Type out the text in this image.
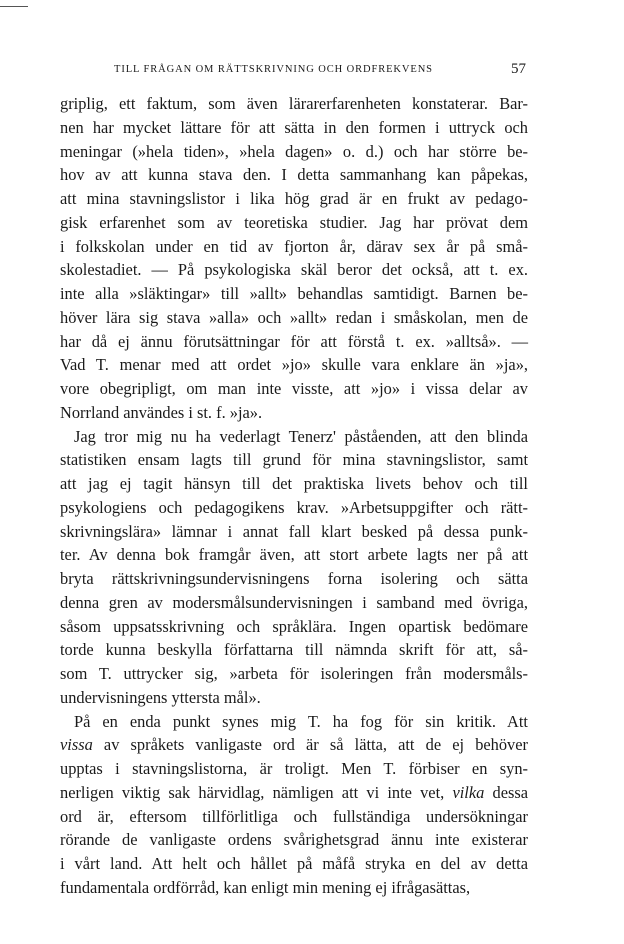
TILL FRÅGAN OM RÄTTSKRIVNING OCH ORDFREKVENS	57
griplig, ett faktum, som även lärarerfarenheten konstaterar. Bar-
nen har mycket lättare för att sätta in den formen i uttryck och
meningar (»hela tiden», »hela dagen» o. d.) och har större be-
hov av att kunna stava den. I detta sammanhang kan påpekas,
att mina stavningslistor i lika hög grad är en frukt av pedago-
gisk erfarenhet som av teoretiska studier. Jag har prövat dem
i folkskolan under en tid av fjorton år, därav sex år på små-
skolestadiet. — På psykologiska skäl beror det också, att t. ex.
inte alla »släktingar» till »allt» behandlas samtidigt. Barnen be-
höver lära sig stava »alla» och »allt» redan i småskolan, men de
har då ej ännu förutsättningar för att förstå t. ex. »alltså». —
Vad T. menar med att ordet »jo» skulle vara enklare än »ja»,
vore obegripligt, om man inte visste, att »jo» i vissa delar av
Norrland användes i st. f. »ja».
Jag tror mig nu ha vederlagt Tenerz' påståenden, att den blinda
statistiken ensam lagts till grund för mina stavningslistor, samt
att jag ej tagit hänsyn till det praktiska livets behov och till
psykologiens och pedagogikens krav. »Arbetsuppgifter och rätt-
skrivningslära» lämnar i annat fall klart besked på dessa punk-
ter. Av denna bok framgår även, att stort arbete lagts ner på att
bryta rättskrivningsundervisningens forna isolering och sätta
denna gren av modersmålsundervisningen i samband med övriga,
såsom uppsatsskrivning och språklära. Ingen opartisk bedömare
torde kunna beskylla författarna till nämnda skrift för att, så-
som T. uttrycker sig, »arbeta för isoleringen från modersmåls-
undervisningens yttersta mål».
På en enda punkt synes mig T. ha fog för sin kritik. Att
vissa av språkets vanligaste ord är så lätta, att de ej behöver
upptas i stavningslistorna, är troligt. Men T. förbiser en syn-
nerligen viktig sak härvidlag, nämligen att vi inte vet, vilka dessa
ord är, eftersom tillförlitliga och fullständiga undersökningar
rörande de vanligaste ordens svårighetsgrad ännu inte existerar
i vårt land. Att helt och hållet på måfå stryka en del av detta
fundamentala ordförråd, kan enligt min mening ej ifrågasättas,
